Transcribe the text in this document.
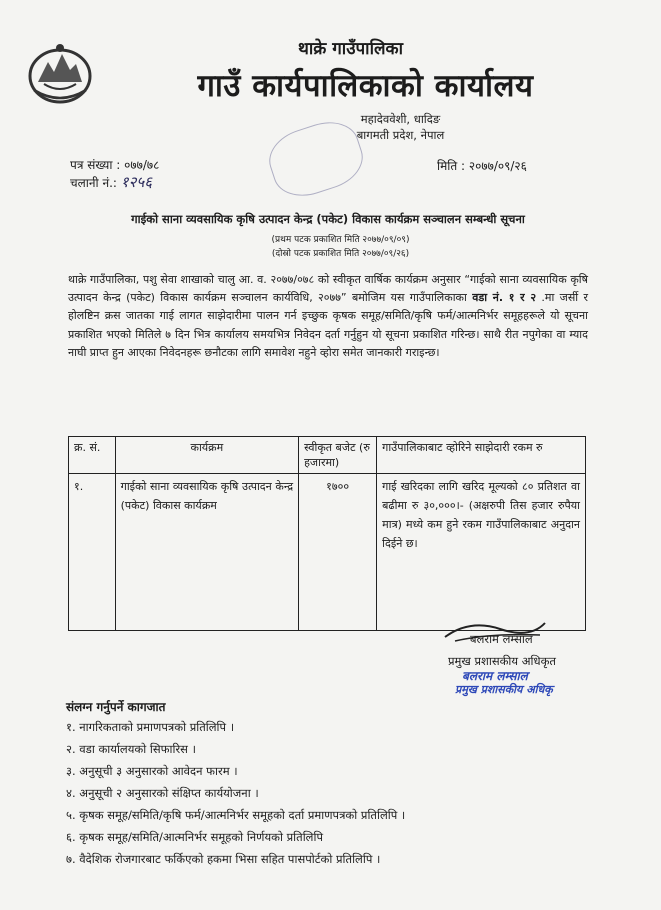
थाक्रे गाउँपालिका
गाउँ कार्यपालिकाको कार्यालय
महादेववेशी, धादिङ
बागमती प्रदेश, नेपाल
पत्र संख्या : ०७७/७८
चलानी नं.: १२५६
मिति : २०७७/०९/२६
गाईको साना व्यवसायिक कृषि उत्पादन केन्द्र (पकेट) विकास कार्यक्रम सञ्चालन सम्बन्धी सूचना
(प्रथम पटक प्रकाशित मिति २०७७/०९/०९)
(दोस्रो पटक प्रकाशित मिति २०७७/०९/२६)
थाक्रे गाउँपालिका, पशु सेवा शाखाको चालु आ. व. २०७७/०७८ को स्वीकृत वार्षिक कार्यक्रम अनुसार “गाईको साना व्यवसायिक कृषि उत्पादन केन्द्र (पकेट) विकास कार्यक्रम सञ्चालन कार्यविधि, २०७७” बमोजिम यस गाउँपालिकाका वडा नं. १ र २ .मा जर्सी र होलष्टिन क्रस जातका गाई लागत साझेदारीमा पालन गर्न इच्छुक कृषक समूह/समिति/कृषि फर्म/आत्मनिर्भर समूहहरूले यो सूचना प्रकाशित भएको मितिले ७ दिन भित्र कार्यालय समयभित्र निवेदन दर्ता गर्नुहुन यो सूचना प्रकाशित गरिन्छ। साथै रीत नपुगेका वा म्याद नाघी प्राप्त हुन आएका निवेदनहरू छनौटका लागि समावेश नहुने व्होरा समेत जानकारी गराइन्छ।
क्र. सं.	कार्यक्रम	स्वीकृत बजेट (रु हजारमा)	गाउँपालिकाबाट व्होरिने साझेदारी रकम रु
१.	गाईको साना व्यवसायिक कृषि उत्पादन केन्द्र (पकेट) विकास कार्यक्रम	१७००	गाई खरिदका लागि खरिद मूल्यको ८० प्रतिशत वा बढीमा रु ३०,०००।- (अक्षरुपी तिस हजार रुपैया मात्र) मध्ये कम हुने रकम गाउँपालिकाबाट अनुदान दिईने छ।
बलराम लम्साल
प्रमुख प्रशासकीय अधिकृत
बलराम लम्साल
प्रमुख प्रशासकीय अधिकृ
संलग्न गर्नुपर्ने कागजात
१. नागरिकताको प्रमाणपत्रको प्रतिलिपि ।
२. वडा कार्यालयको सिफारिस ।
३. अनुसूची ३ अनुसारको आवेदन फारम ।
४. अनुसूची २ अनुसारको संक्षिप्त कार्ययोजना ।
५. कृषक समूह/समिति/कृषि फर्म/आत्मनिर्भर समूहको दर्ता प्रमाणपत्रको प्रतिलिपि ।
६. कृषक समूह/समिति/आत्मनिर्भर समूहको निर्णयको प्रतिलिपि
७. वैदेशिक रोजगारबाट फर्किएको हकमा भिसा सहित पासपोर्टको प्रतिलिपि ।
